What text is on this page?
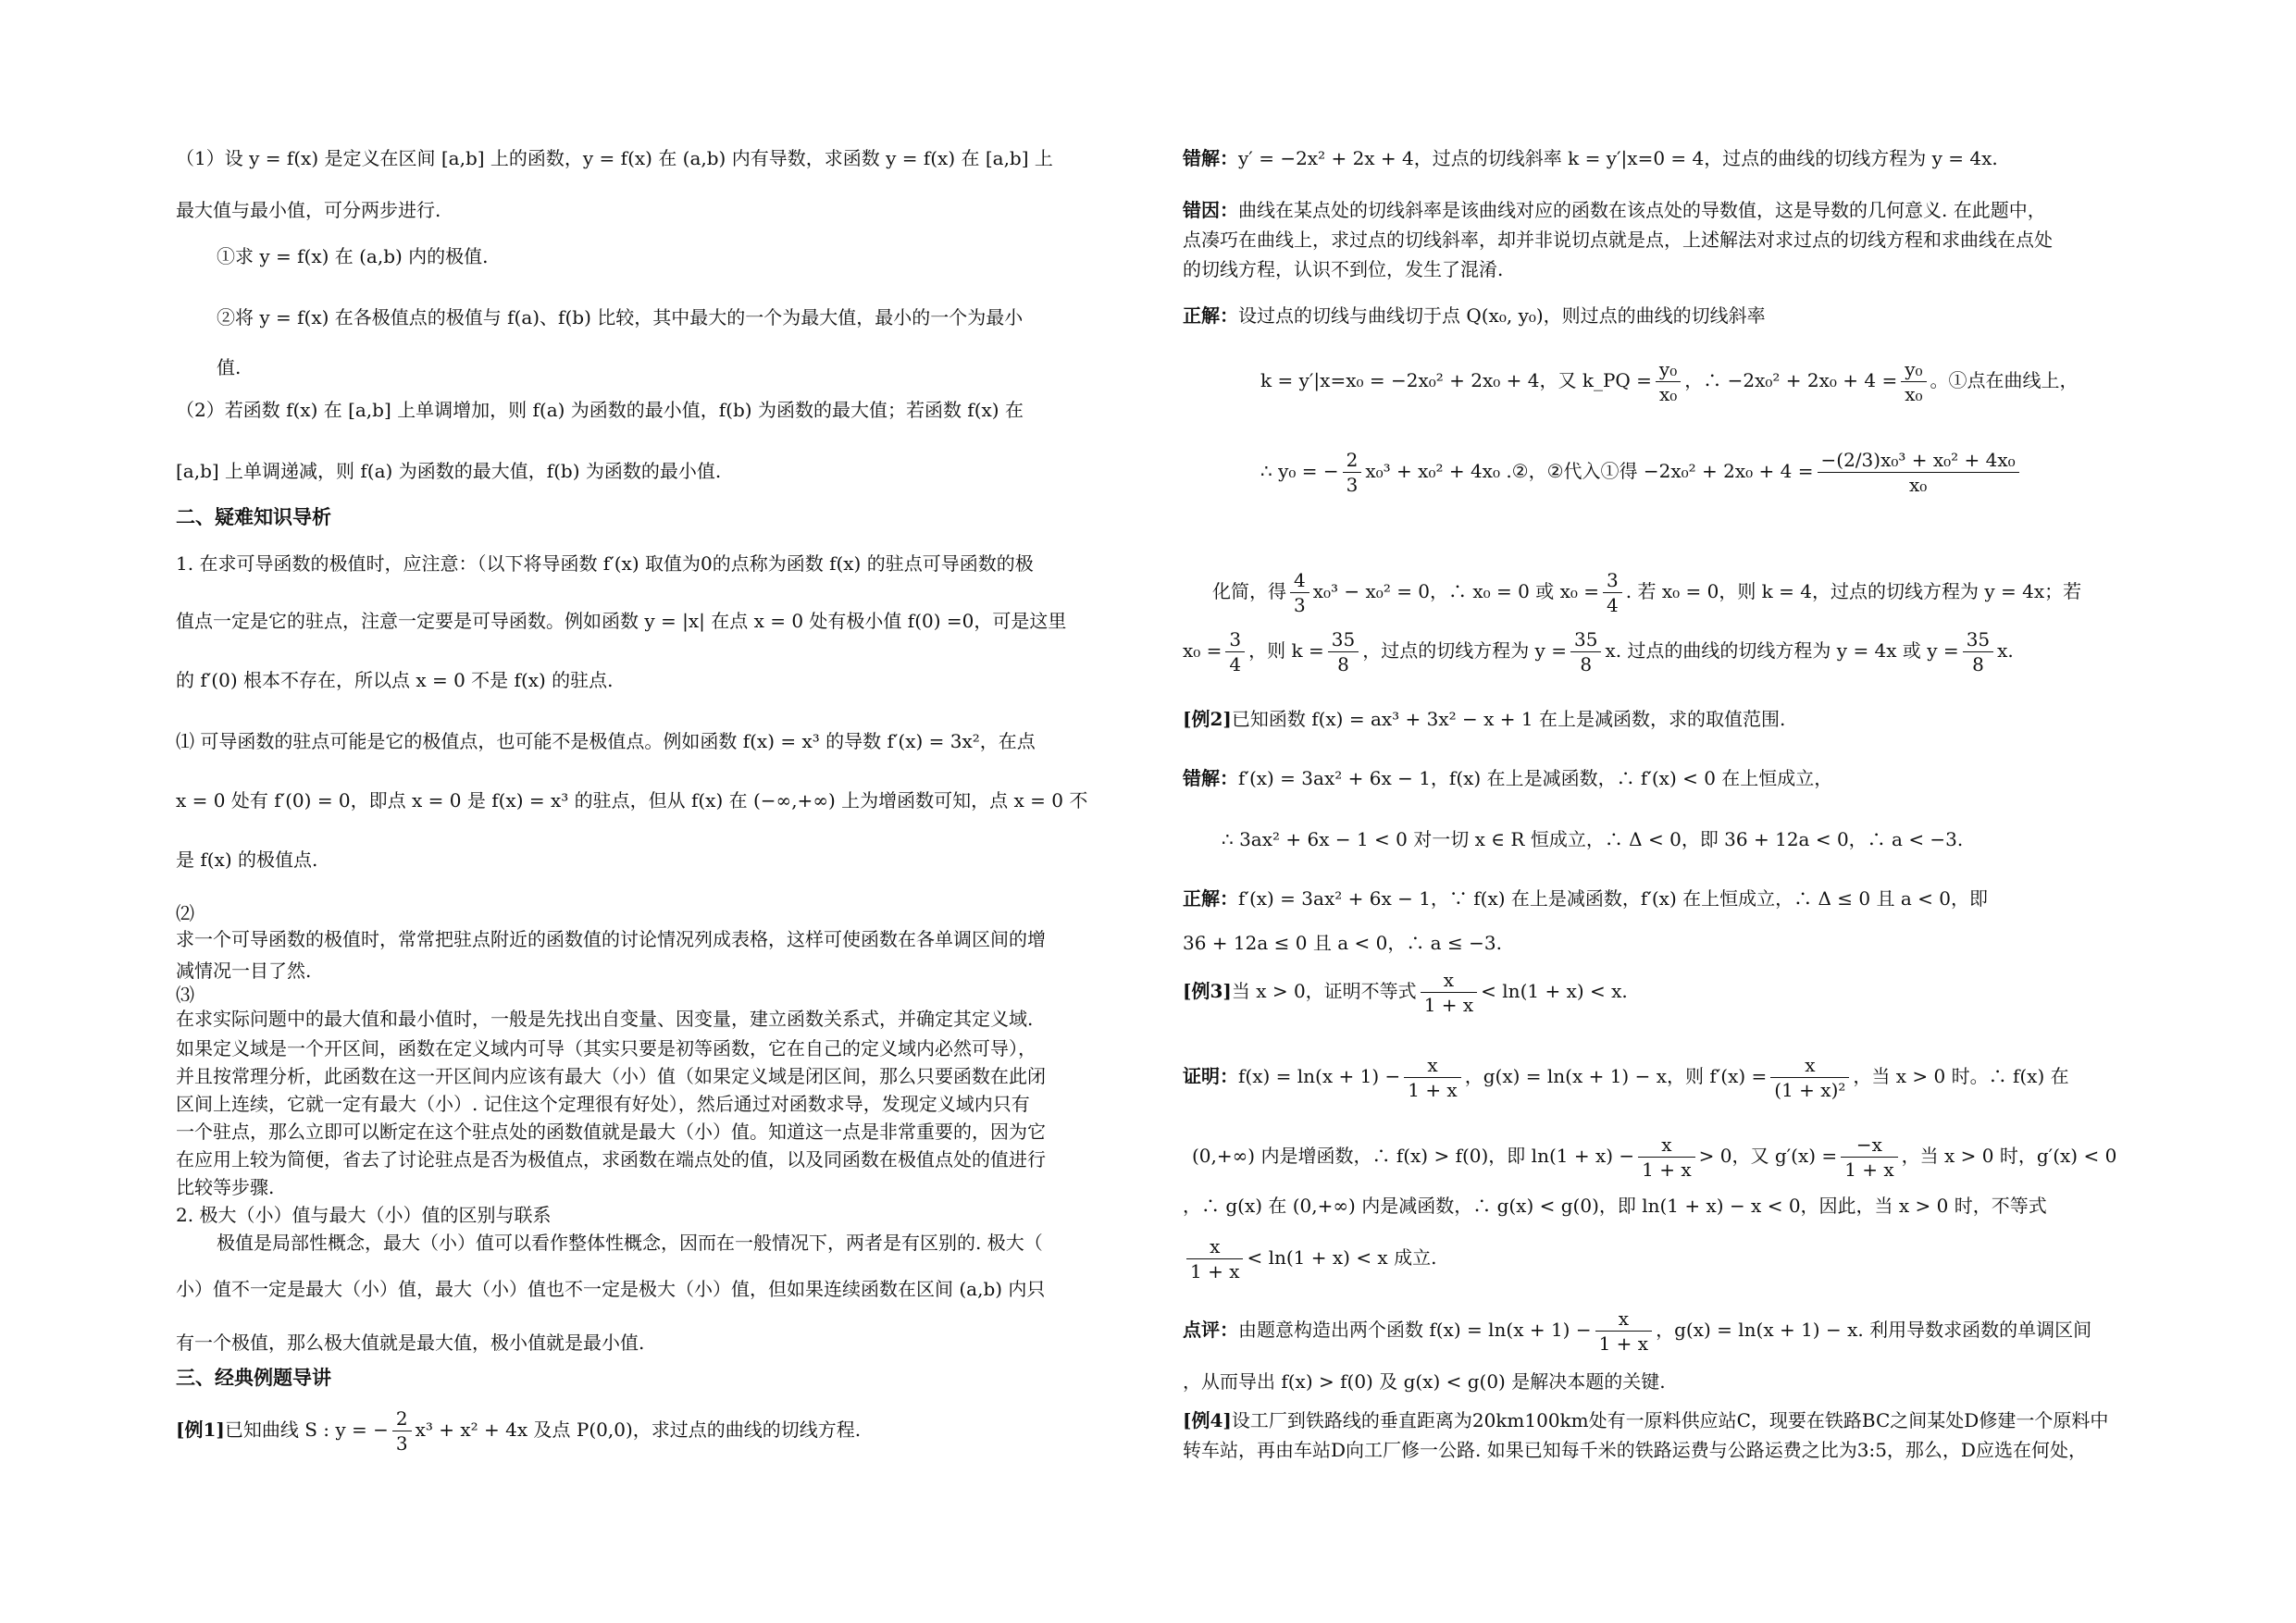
（1）设 y = f(x) 是定义在区间 [a,b] 上的函数，y = f(x) 在 (a,b) 内有导数，求函数 y = f(x) 在 [a,b] 上

最大值与最小值，可分两步进行.

①求 y = f(x) 在 (a,b) 内的极值.

②将 y = f(x) 在各极值点的极值与 f(a)、f(b) 比较，其中最大的一个为最大值，最小的一个为最小

值.

（2）若函数 f(x) 在 [a,b] 上单调增加，则 f(a) 为函数的最小值，f(b) 为函数的最大值；若函数 f(x) 在

[a,b] 上单调递减，则 f(a) 为函数的最大值，f(b) 为函数的最小值.

二、疑难知识导析

1. 在求可导函数的极值时，应注意：（以下将导函数 f′(x) 取值为0的点称为函数 f(x) 的驻点可导函数的极

值点一定是它的驻点，注意一定要是可导函数。例如函数 y = |x| 在点 x = 0 处有极小值 f(0) =0，可是这里

的 f′(0) 根本不存在，所以点 x = 0 不是 f(x) 的驻点.

⑴ 可导函数的驻点可能是它的极值点，也可能不是极值点。例如函数 f(x) = x³ 的导数 f′(x) = 3x²，在点

x = 0 处有 f′(0) = 0，即点 x = 0 是 f(x) = x³ 的驻点，但从 f(x) 在 (−∞,+∞) 上为增函数可知，点 x = 0 不

是 f(x) 的极值点.

⑵

求一个可导函数的极值时，常常把驻点附近的函数值的讨论情况列成表格，这样可使函数在各单调区间的增

减情况一目了然.

⑶

在求实际问题中的最大值和最小值时，一般是先找出自变量、因变量，建立函数关系式，并确定其定义域.

如果定义域是一个开区间，函数在定义域内可导（其实只要是初等函数，它在自己的定义域内必然可导），

并且按常理分析，此函数在这一开区间内应该有最大（小）值（如果定义域是闭区间，那么只要函数在此闭

区间上连续，它就一定有最大（小）. 记住这个定理很有好处），然后通过对函数求导，发现定义域内只有

一个驻点，那么立即可以断定在这个驻点处的函数值就是最大（小）值。知道这一点是非常重要的，因为它

在应用上较为简便，省去了讨论驻点是否为极值点，求函数在端点处的值，以及同函数在极值点处的值进行

比较等步骤.

2. 极大（小）值与最大（小）值的区别与联系

极值是局部性概念，最大（小）值可以看作整体性概念，因而在一般情况下，两者是有区别的. 极大（

小）值不一定是最大（小）值，最大（小）值也不一定是极大（小）值，但如果连续函数在区间 (a,b) 内只

有一个极值，那么极大值就是最大值，极小值就是最小值.

三、经典例题导讲

[例1]已知曲线 S : y = − $\frac{2}{3} x^3 + x^2 + 4x$ 及点 P(0,0)，求过点的曲线的切线方程.

错解：y′ = −2x² + 2x + 4，过点的切线斜率 k = y′|x=0 = 4，过点的曲线的切线方程为 y = 4x.

错因：曲线在某点处的切线斜率是该曲线对应的函数在该点处的导数值，这是导数的几何意义. 在此题中，

点凑巧在曲线上，求过点的切线斜率，却并非说切点就是点，上述解法对求过点的切线方程和求曲线在点处

的切线方程，认识不到位，发生了混淆.

正解：设过点的切线与曲线切于点 Q(x₀, y₀)，则过点的曲线的切线斜率

k = y′|x=x₀ = −2x₀² + 2x₀ + 4，又 k_PQ = $\frac{\text{y₀}}{\text{x₀}}$ ，∴ $-2x_0^2 + 2x_0 + 4 = \frac{\text{y₀}}{\text{x₀}}$ 。①点在曲线上，

∴ y₀ = − $\frac{2}{3} x_0^3 + x_0^2 + 4x_0$ .②，②代入①得 $-2x_0^2 + 2x_0 + 4 = \frac{\text{−(2/3)x₀³ + x₀² + 4x₀}}{\text{x₀}}$

化简，得 $\frac{4}{3} x_0^3 - x_0^2 = 0$，∴ x₀ = 0 或 $x_0 = \frac{3}{4}$ . 若 x₀ = 0，则 k = 4，过点的切线方程为 y = 4x；若

$x_0 = \frac{3}{4}$ ，则 $k = \frac{35}{8}$ ，过点的切线方程为 $y = \frac{35}{8} x$. 过点的曲线的切线方程为 y = 4x 或 $y = \frac{35}{8} x$.

[例2]已知函数 f(x) = ax³ + 3x² − x + 1 在上是减函数，求的取值范围.

错解：f′(x) = 3ax² + 6x − 1，f(x) 在上是减函数，∴ f′(x) < 0 在上恒成立，

∴ 3ax² + 6x − 1 < 0 对一切 x ∈ R 恒成立，∴ Δ < 0，即 36 + 12a < 0，∴ a < −3.

正解：f′(x) = 3ax² + 6x − 1，∵ f(x) 在上是减函数，f′(x) 在上恒成立，∴ Δ ≤ 0 且 a < 0，即

36 + 12a ≤ 0 且 a < 0，∴ a ≤ −3.

[例3]当 x > 0，证明不等式 $\frac{x}{1 + x} < \ln(1 + x) < x$.

证明：$f(x) = \ln(x + 1) - \frac{x}{1 + x}$ ，g(x) = ln(x + 1) − x，则 $f'(x) = \frac{x}{\text{(1 + x)²}}$ ，当 x > 0 时。∴ f(x) 在

(0,+∞) 内是增函数，∴ f(x) > f(0)，即 $\ln(1 + x) - \frac{x}{1 + x} > 0$，又 $g'(x) = \frac{-x}{1 + x}$ ，当 x > 0 时，g′(x) < 0

，∴ g(x) 在 (0,+∞) 内是减函数，∴ g(x) < g(0)，即 ln(1 + x) − x < 0，因此，当 x > 0 时，不等式

$\frac{x}{1 + x} < \ln(1 + x) < x$ 成立.

点评：由题意构造出两个函数 $f(x) = \ln(x + 1) - \frac{x}{1 + x}$ ，g(x) = ln(x + 1) − x. 利用导数求函数的单调区间

，从而导出 f(x) > f(0) 及 g(x) < g(0) 是解决本题的关键.

[例4]设工厂到铁路线的垂直距离为20km100km处有一原料供应站C，现要在铁路BC之间某处D修建一个原料中

转车站，再由车站D向工厂修一公路. 如果已知每千米的铁路运费与公路运费之比为3:5，那么，D应选在何处，
